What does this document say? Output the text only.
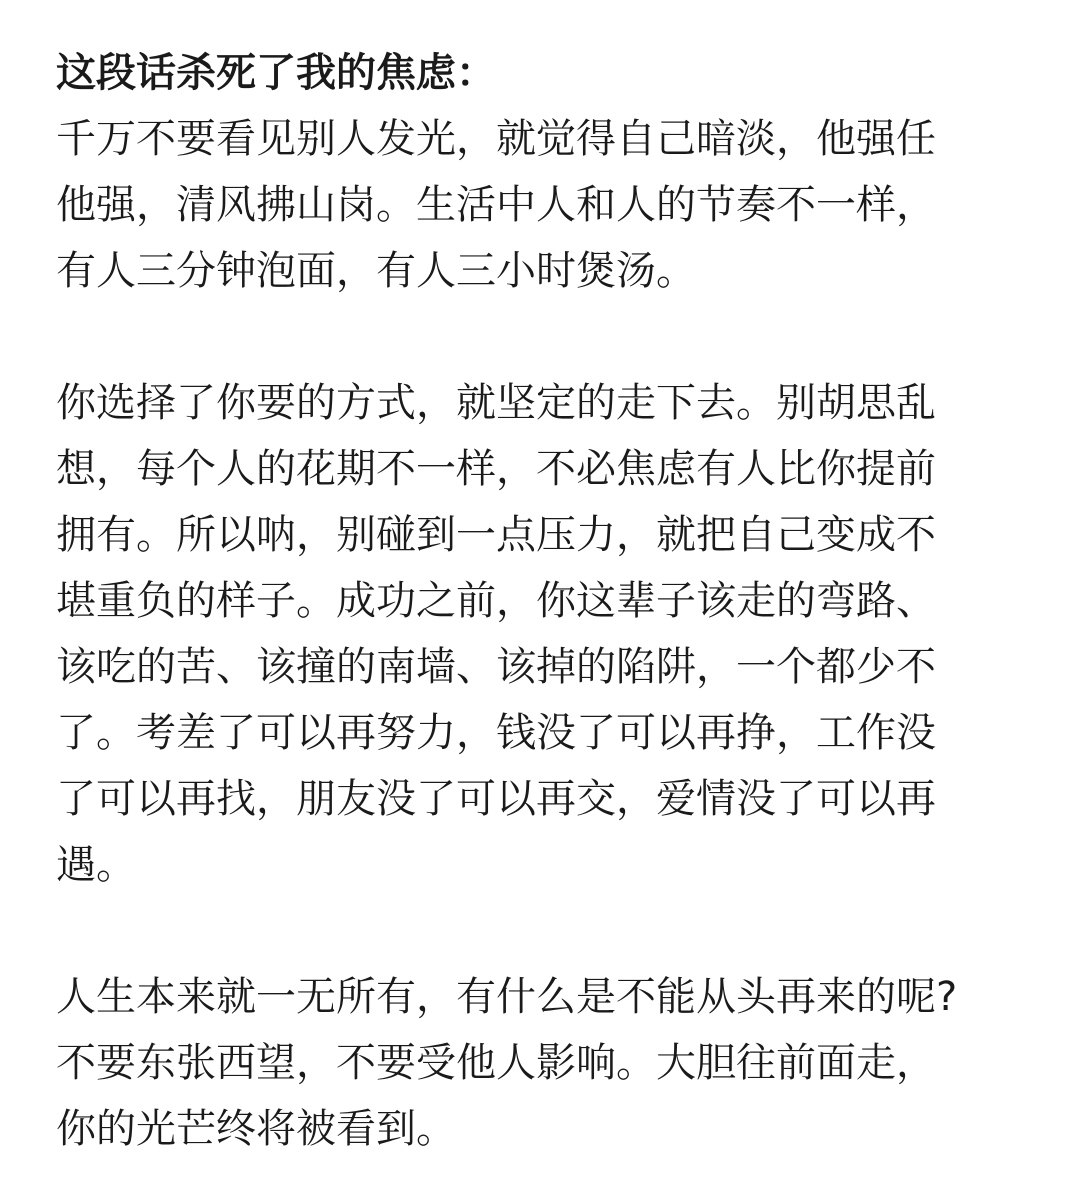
这段话杀死了我的焦虑：

千万不要看见别人发光，就觉得自己暗淡，他强任
他强，清风拂山岗。生活中人和人的节奏不一样，
有人三分钟泡面，有人三小时煲汤。

你选择了你要的方式，就坚定的走下去。别胡思乱
想，每个人的花期不一样，不必焦虑有人比你提前
拥有。所以呐，别碰到一点压力，就把自己变成不
堪重负的样子。成功之前，你这辈子该走的弯路、
该吃的苦、该撞的南墙、该掉的陷阱，一个都少不
了。考差了可以再努力，钱没了可以再挣，工作没
了可以再找，朋友没了可以再交，爱情没了可以再
遇。

人生本来就一无所有，有什么是不能从头再来的呢?
不要东张西望，不要受他人影响。大胆往前面走，
你的光芒终将被看到。
